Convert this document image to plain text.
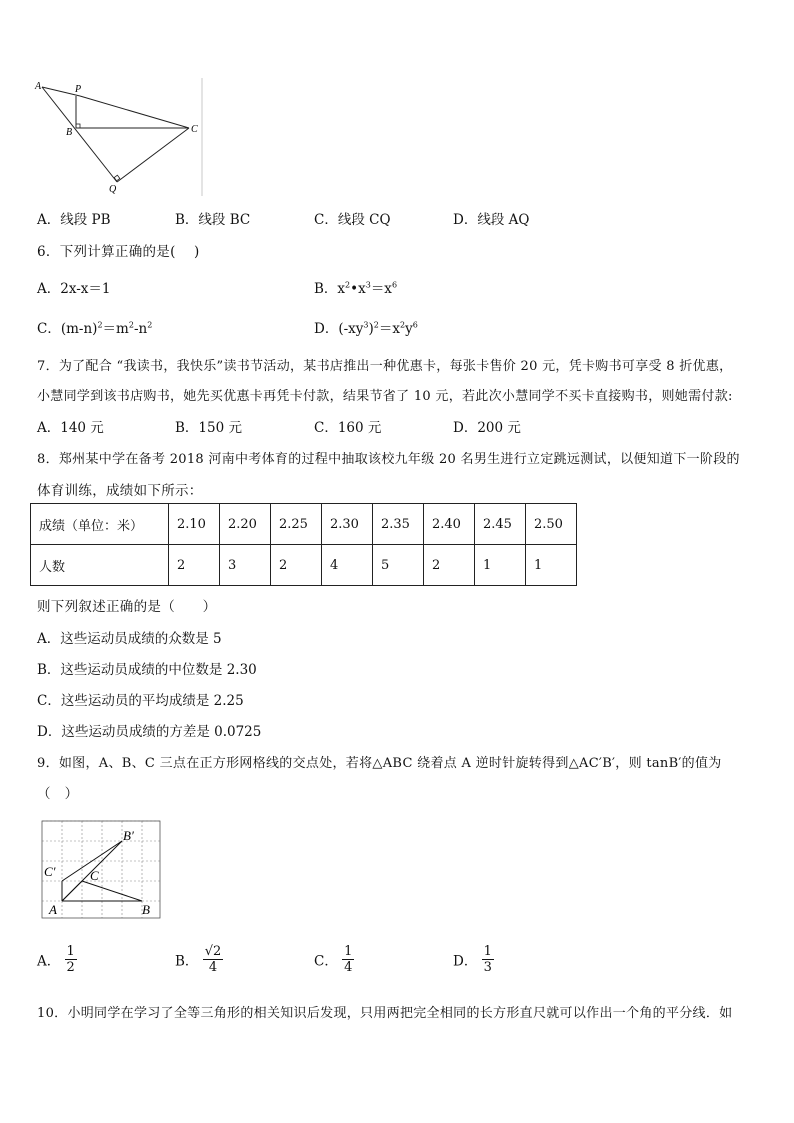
A	P
B	C
Q
A．线段 PB	B．线段 BC	C．线段 CQ	D．线段 AQ
6．下列计算正确的是(　 )
A．2x-x＝1	B．$x^2•x^3=x^6$
C．$(m-n)^2=m^2-n^2$	D．$(-xy^3)^2=x^2y^6$
7．为了配合 “我读书，我快乐”读书节活动，某书店推出一种优惠卡，每张卡售价 20 元，凭卡购书可享受 8 折优惠，
小慧同学到该书店购书，她先买优惠卡再凭卡付款，结果节省了 10 元，若此次小慧同学不买卡直接购书，则她需付款:
A．140 元	B．150 元	C．160 元	D．200 元
8．郑州某中学在备考 2018 河南中考体育的过程中抽取该校九年级 20 名男生进行立定跳远测试，以便知道下一阶段的
体育训练，成绩如下所示：
成绩（单位：米）	2.10	2.20	2.25	2.30	2.35	2.40	2.45	2.50
人数	2	3	2	4	5	2	1	1
则下列叙述正确的是（　　）
A．这些运动员成绩的众数是 5
B．这些运动员成绩的中位数是 2.30
C．这些运动员的平均成绩是 2.25
D．这些运动员成绩的方差是 0.0725
9．如图，A、B、C 三点在正方形网格线的交点处，若将△ABC 绕着点 A 逆时针旋转得到△AC′B′，则 tanB′的值为
（　）
B′
C′	C
A	B
A． $\frac{1}{2}$	B． $\frac{√2}{4}$	C． $\frac{1}{4}$	D． $\frac{1}{3}$
10．小明同学在学习了全等三角形的相关知识后发现，只用两把完全相同的长方形直尺就可以作出一个角的平分线．如
